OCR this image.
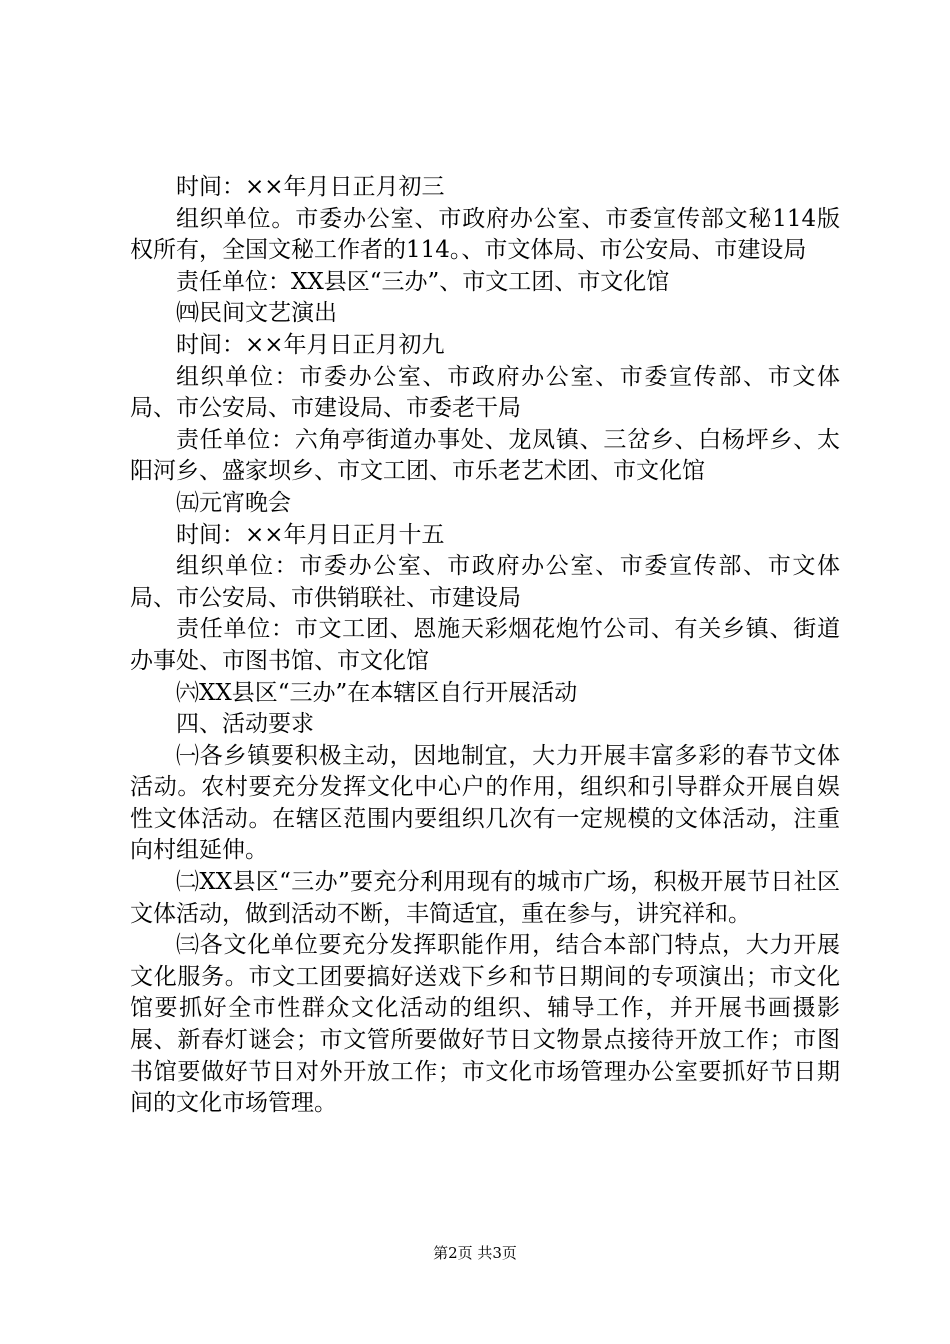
时间：××年月日正月初三

组织单位。市委办公室、市政府办公室、市委宣传部文秘114版权所有，全国文秘工作者的114。、市文体局、市公安局、市建设局

责任单位：XX县区“三办”、市文工团、市文化馆

㈣民间文艺演出

时间：××年月日正月初九

组织单位：市委办公室、市政府办公室、市委宣传部、市文体局、市公安局、市建设局、市委老干局

责任单位：六角亭街道办事处、龙凤镇、三岔乡、白杨坪乡、太阳河乡、盛家坝乡、市文工团、市乐老艺术团、市文化馆

㈤元宵晚会

时间：××年月日正月十五

组织单位：市委办公室、市政府办公室、市委宣传部、市文体局、市公安局、市供销联社、市建设局

责任单位：市文工团、恩施天彩烟花炮竹公司、有关乡镇、街道办事处、市图书馆、市文化馆

㈥XX县区“三办”在本辖区自行开展活动

四、活动要求

㈠各乡镇要积极主动，因地制宜，大力开展丰富多彩的春节文体活动。农村要充分发挥文化中心户的作用，组织和引导群众开展自娱性文体活动。在辖区范围内要组织几次有一定规模的文体活动，注重向村组延伸。

㈡XX县区“三办”要充分利用现有的城市广场，积极开展节日社区文体活动，做到活动不断，丰简适宜，重在参与，讲究祥和。

㈢各文化单位要充分发挥职能作用，结合本部门特点，大力开展文化服务。市文工团要搞好送戏下乡和节日期间的专项演出；市文化馆要抓好全市性群众文化活动的组织、辅导工作，并开展书画摄影展、新春灯谜会；市文管所要做好节日文物景点接待开放工作；市图书馆要做好节日对外开放工作；市文化市场管理办公室要抓好节日期间的文化市场管理。

第2页 共3页
